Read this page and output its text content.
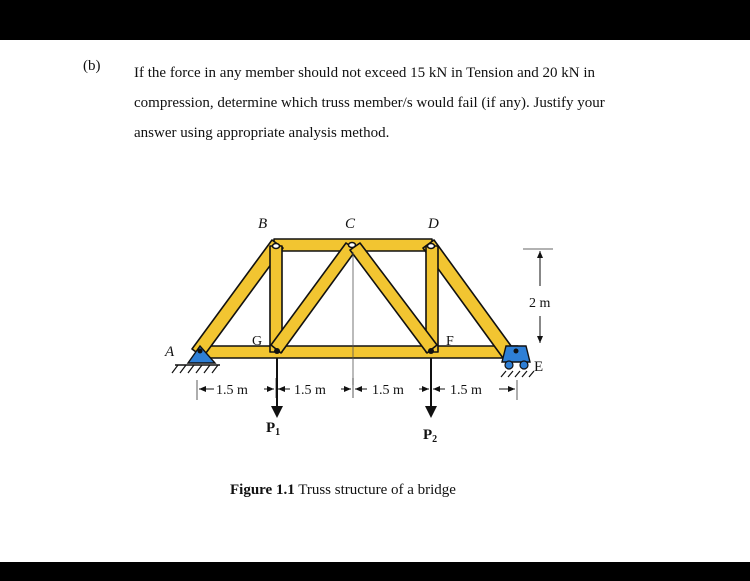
(b) If the force in any member should not exceed 15 kN in Tension and 20 kN in
compression, determine which truss member/s would fail (if any). Justify your
answer using appropriate analysis method.

A
B	C	D
E
G	F
2 m
1.5 m	1.5 m	1.5 m	1.5 m
$P_1$	$P_2$
Figure 1.1 Truss structure of a bridge
